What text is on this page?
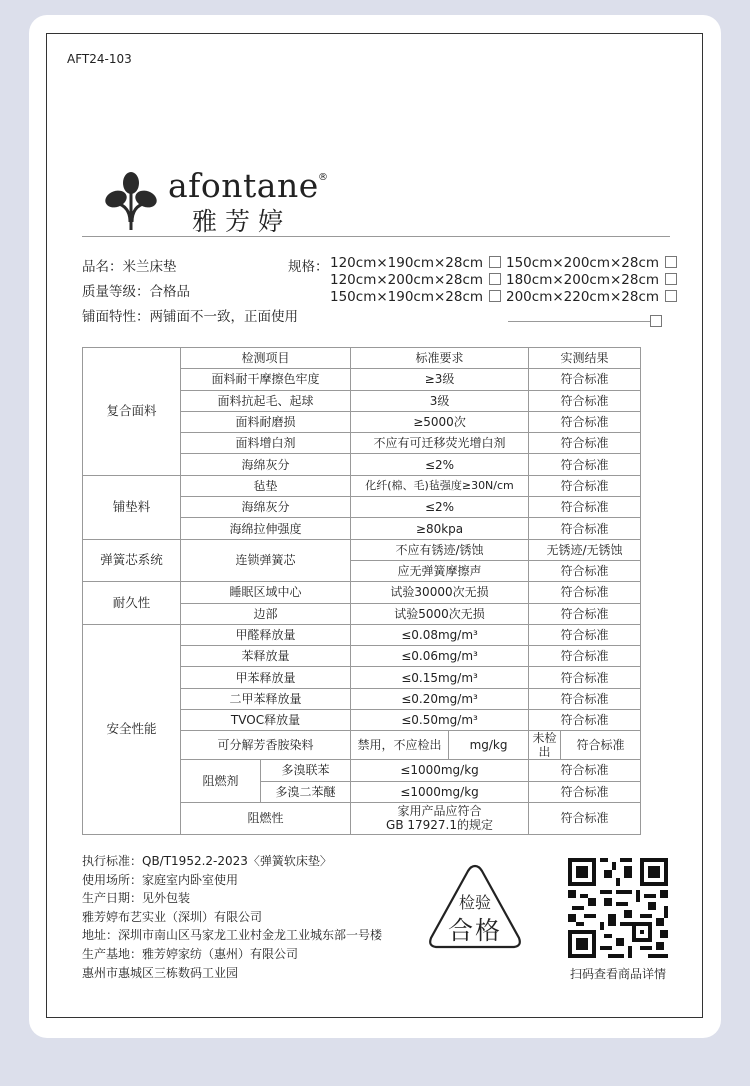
AFT24-103
afontane ®
雅芳婷
品名：米兰床垫
质量等级：合格品
铺面特性：两铺面不一致，正面使用
规格： 120cm×190cm×28cm
120cm×200cm×28cm
150cm×190cm×28cm
150cm×200cm×28cm
180cm×200cm×28cm
200cm×220cm×28cm
复合面料	检测项目		标准要求		实测结果	
	面料耐干摩擦色牢度		≥3级		符合标准	
	面料抗起毛、起球		3级		符合标准	
	面料耐磨损		≥5000次		符合标准	
	面料增白剂		不应有可迁移荧光增白剂		符合标准	
	海绵灰分		≤2%		符合标准	
铺垫料	毡垫		化纤(棉、毛)毡强度≥30N/cm		符合标准	
	海绵灰分		≤2%		符合标准	
	海绵拉伸强度		≥80kpa		符合标准	
弹簧芯系统	连锁弹簧芯		不应有锈迹/锈蚀		无锈迹/无锈蚀	
			应无弹簧摩擦声		符合标准	
耐久性	睡眠区域中心		试验30000次无损		符合标准	
	边部		试验5000次无损		符合标准	
安全性能	甲醛释放量		≤0.08mg/m³		符合标准	
	苯释放量		≤0.06mg/m³		符合标准	
	甲苯释放量		≤0.15mg/m³		符合标准	
	二甲苯释放量		≤0.20mg/m³		符合标准	
	TVOC释放量		≤0.50mg/m³		符合标准	
	可分解芳香胺染料		禁用，不应检出	mg/kg	未检出	符合标准
	阻燃剂	多溴联苯	≤1000mg/kg		符合标准	
		多溴二苯醚	≤1000mg/kg		符合标准	
	阻燃性		家用产品应符合
GB 17927.1的规定		符合标准	
执行标准：QB/T1952.2-2023〈弹簧软床垫〉
使用场所：家庭室内卧室使用
生产日期：见外包装
雅芳婷布艺实业（深圳）有限公司
地址：深圳市南山区马家龙工业村金龙工业城东部一号楼
生产基地：雅芳婷家纺（惠州）有限公司
惠州市惠城区三栋数码工业园
检验
合格
扫码查看商品详情
